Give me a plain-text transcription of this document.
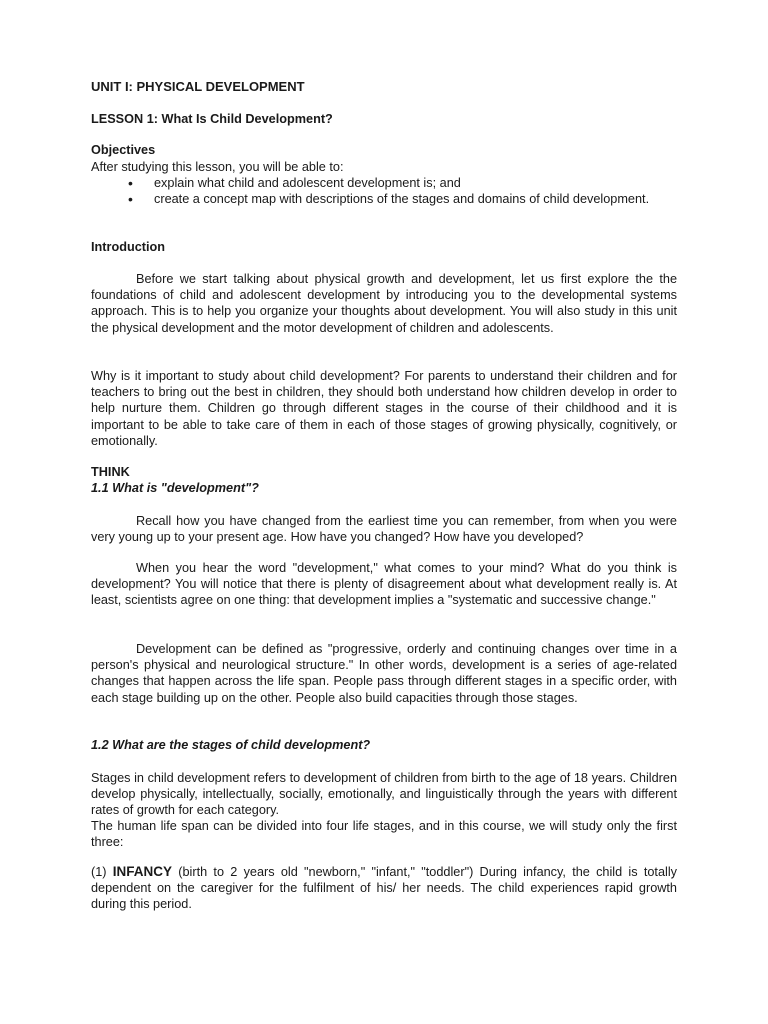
UNIT I: PHYSICAL DEVELOPMENT

LESSON 1: What Is Child Development?

Objectives

After studying this lesson, you will be able to:

• explain what child and adolescent development is; and
• create a concept map with descriptions of the stages and domains of child development.

Introduction

Before we start talking about physical growth and development, let us first explore the the foundations of child and adolescent development by introducing you to the developmental systems approach. This is to help you organize your thoughts about development. You will also study in this unit the physical development and the motor development of children and adolescents.

Why is it important to study about child development? For parents to understand their children and for teachers to bring out the best in children, they should both understand how children develop in order to help nurture them. Children go through different stages in the course of their childhood and it is important to be able to take care of them in each of those stages of growing physically, cognitively, or emotionally.

THINK

1.1 What is "development"?

Recall how you have changed from the earliest time you can remember, from when you were very young up to your present age. How have you changed? How have you developed?

When you hear the word "development," what comes to your mind? What do you think is development? You will notice that there is plenty of disagreement about what development really is. At least, scientists agree on one thing: that development implies a "systematic and successive change."

Development can be defined as "progressive, orderly and continuing changes over time in a person's physical and neurological structure." In other words, development is a series of age-related changes that happen across the life span. People pass through different stages in a specific order, with each stage building up on the other. People also build capacities through those stages.

1.2 What are the stages of child development?

Stages in child development refers to development of children from birth to the age of 18 years. Children develop physically, intellectually, socially, emotionally, and linguistically through the years with different rates of growth for each category.

The human life span can be divided into four life stages, and in this course, we will study only the first three:

(1) INFANCY (birth to 2 years old "newborn," "infant," "toddler") During infancy, the child is totally dependent on the caregiver for the fulfilment of his/ her needs. The child experiences rapid growth during this period.
